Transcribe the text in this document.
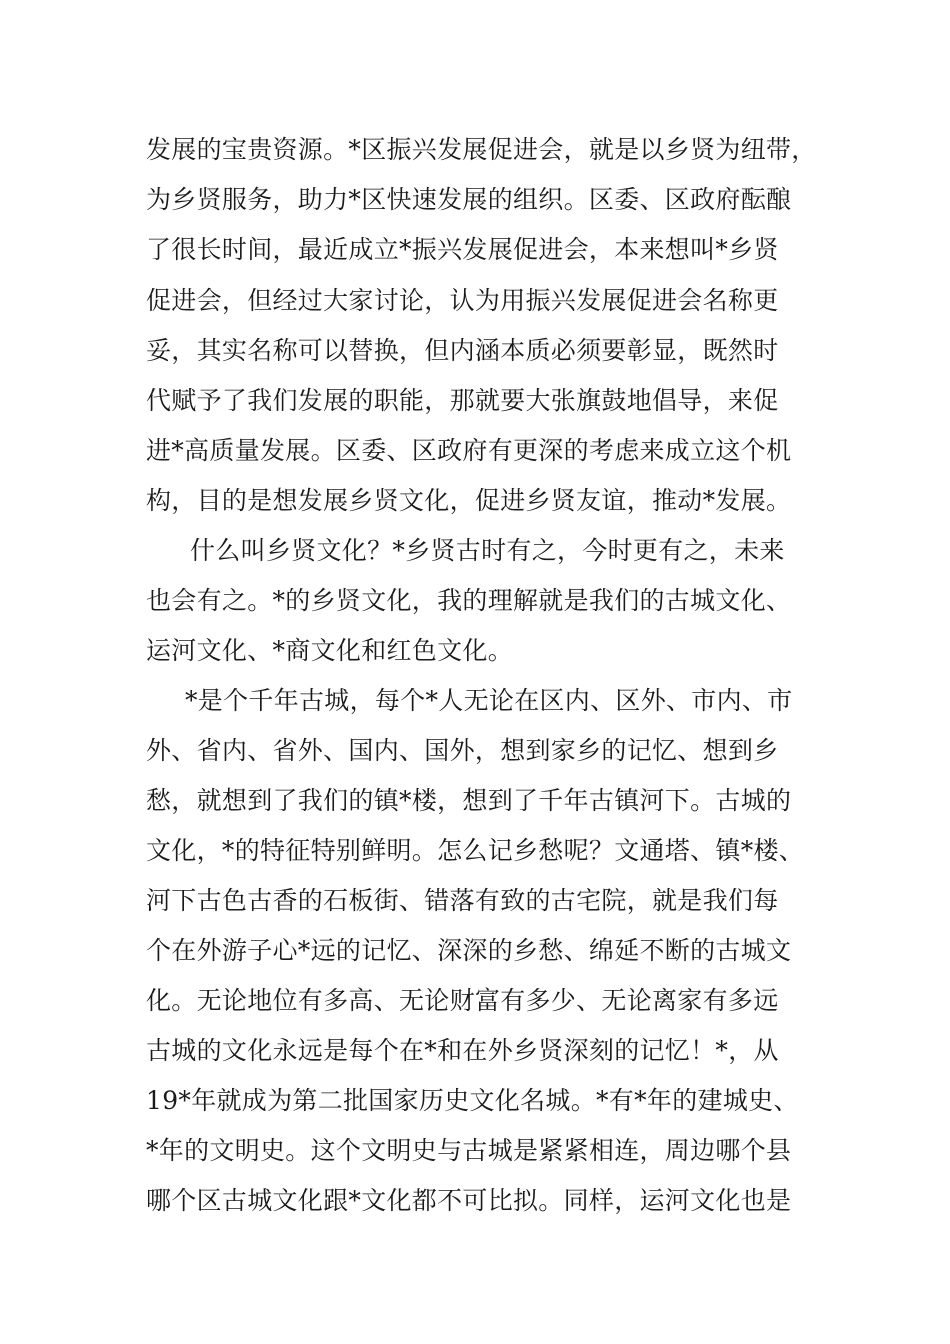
发展的宝贵资源。*区振兴发展促进会，就是以乡贤为纽带，
为乡贤服务，助力*区快速发展的组织。区委、区政府酝酿
了很长时间，最近成立*振兴发展促进会，本来想叫*乡贤
促进会，但经过大家讨论，认为用振兴发展促进会名称更
妥，其实名称可以替换，但内涵本质必须要彰显，既然时
代赋予了我们发展的职能，那就要大张旗鼓地倡导，来促
进*高质量发展。区委、区政府有更深的考虑来成立这个机
构，目的是想发展乡贤文化，促进乡贤友谊，推动*发展。
什么叫乡贤文化？*乡贤古时有之，今时更有之，未来
也会有之。*的乡贤文化，我的理解就是我们的古城文化、
运河文化、*商文化和红色文化。
*是个千年古城，每个*人无论在区内、区外、市内、市
外、省内、省外、国内、国外，想到家乡的记忆、想到乡
愁，就想到了我们的镇*楼，想到了千年古镇河下。古城的
文化，*的特征特别鲜明。怎么记乡愁呢？文通塔、镇*楼、
河下古色古香的石板街、错落有致的古宅院，就是我们每
个在外游子心*远的记忆、深深的乡愁、绵延不断的古城文
化。无论地位有多高、无论财富有多少、无论离家有多远
古城的文化永远是每个在*和在外乡贤深刻的记忆！*，从
19*年就成为第二批国家历史文化名城。*有*年的建城史、
*年的文明史。这个文明史与古城是紧紧相连，周边哪个县
哪个区古城文化跟*文化都不可比拟。同样，运河文化也是
